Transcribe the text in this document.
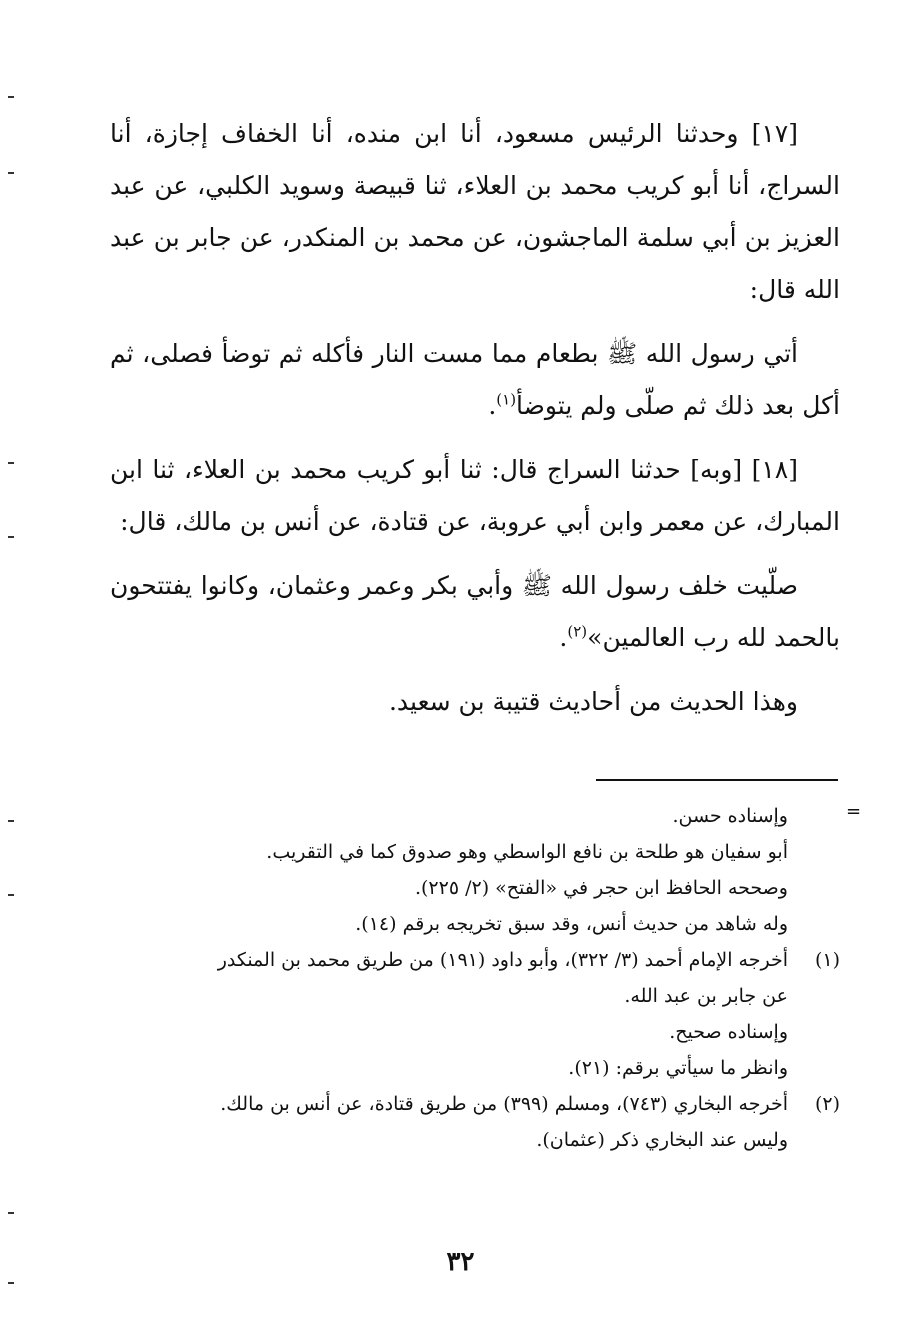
[١٧] وحدثنا الرئيس مسعود، أنا ابن منده، أنا الخفاف إجازة، أنا السراج، أنا أبو كريب محمد بن العلاء، ثنا قبيصة وسويد الكلبي، عن عبد العزيز بن أبي سلمة الماجشون، عن محمد بن المنكدر، عن جابر بن عبد الله قال:

أتي رسول الله ﷺ بطعام مما مست النار فأكله ثم توضأ فصلى، ثم أكل بعد ذلك ثم صلّى ولم يتوضأ$^{(١)}$.

[١٨] [وبه] حدثنا السراج قال: ثنا أبو كريب محمد بن العلاء، ثنا ابن المبارك، عن معمر وابن أبي عروبة، عن قتادة، عن أنس بن مالك، قال:

صلّيت خلف رسول الله ﷺ وأبي بكر وعمر وعثمان، وكانوا يفتتحون بالحمد لله رب العالمين»$^{(٢)}$.

وهذا الحديث من أحاديث قتيبة بن سعيد.

=
وإسناده حسن.
أبو سفيان هو طلحة بن نافع الواسطي وهو صدوق كما في التقريب.
وصححه الحافظ ابن حجر في «الفتح» (٢/ ٢٢٥).
وله شاهد من حديث أنس، وقد سبق تخريجه برقم (١٤).
(١)أخرجه الإمام أحمد (٣/ ٣٢٢)، وأبو داود (١٩١) من طريق محمد بن المنكدر
عن جابر بن عبد الله.
وإسناده صحيح.
وانظر ما سيأتي برقم: (٢١).
(٢)أخرجه البخاري (٧٤٣)، ومسلم (٣٩٩) من طريق قتادة، عن أنس بن مالك.
وليس عند البخاري ذكر (عثمان).
٣٢
